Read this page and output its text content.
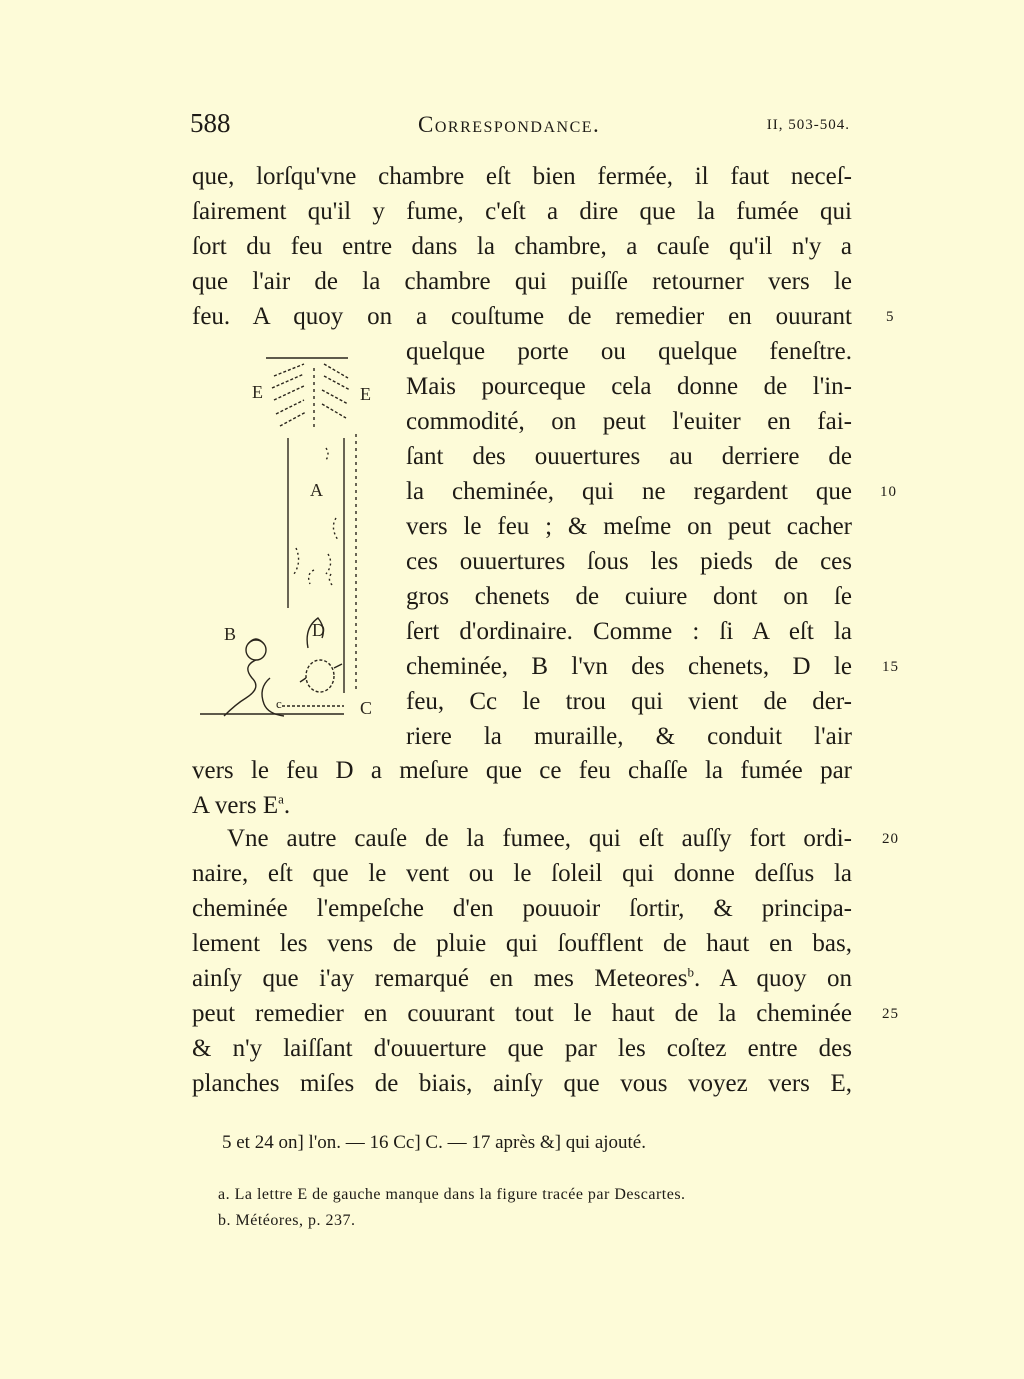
588	Correspondance.	II, 503-504.
que, lorſqu'vne chambre eſt bien fermée, il faut neceſ-
ſairement qu'il y fume, c'eſt a dire que la fumée qui
ſort du feu entre dans la chambre, a cauſe qu'il n'y a
que l'air de la chambre qui puiſſe retourner vers le
feu. A quoy on a couſtume de remedier en ouurant
quelque porte ou quelque feneſtre.
Mais pourceque cela donne de l'in-
commodité, on peut l'euiter en fai-
ſant des ouuertures au derriere de
la cheminée, qui ne regardent que
vers le feu ; & meſme on peut cacher
ces ouuertures ſous les pieds de ces
gros chenets de cuiure dont on ſe
ſert d'ordinaire. Comme : ſi A eſt la
cheminée, B l'vn des chenets, D le
feu, Cc le trou qui vient de der-
riere la muraille, & conduit l'air
vers le feu D a meſure que ce feu chaſſe la fumée par
A vers $E^a$.
Vne autre cauſe de la fumee, qui eſt auſſy fort ordi-
naire, eſt que le vent ou le ſoleil qui donne deſſus la
cheminée l'empeſche d'en pouuoir ſortir, & principa-
lement les vens de pluie qui ſoufflent de haut en bas,
ainſy que i'ay remarqué en mes Meteores$^b$. A quoy on
peut remedier en couurant tout le haut de la cheminée
& n'y laiſſant d'ouuerture que par les coſtez entre des
planches miſes de biais, ainſy que vous voyez vers E,
5
10
15
20
25
E	E
A
B	D
C
c
5 et 24 on] l'on. — 16 Cc] C. — 17 après &] qui ajouté.
a. La lettre E de gauche manque dans la figure tracée par Descartes.
b. Météores, p. 237.
